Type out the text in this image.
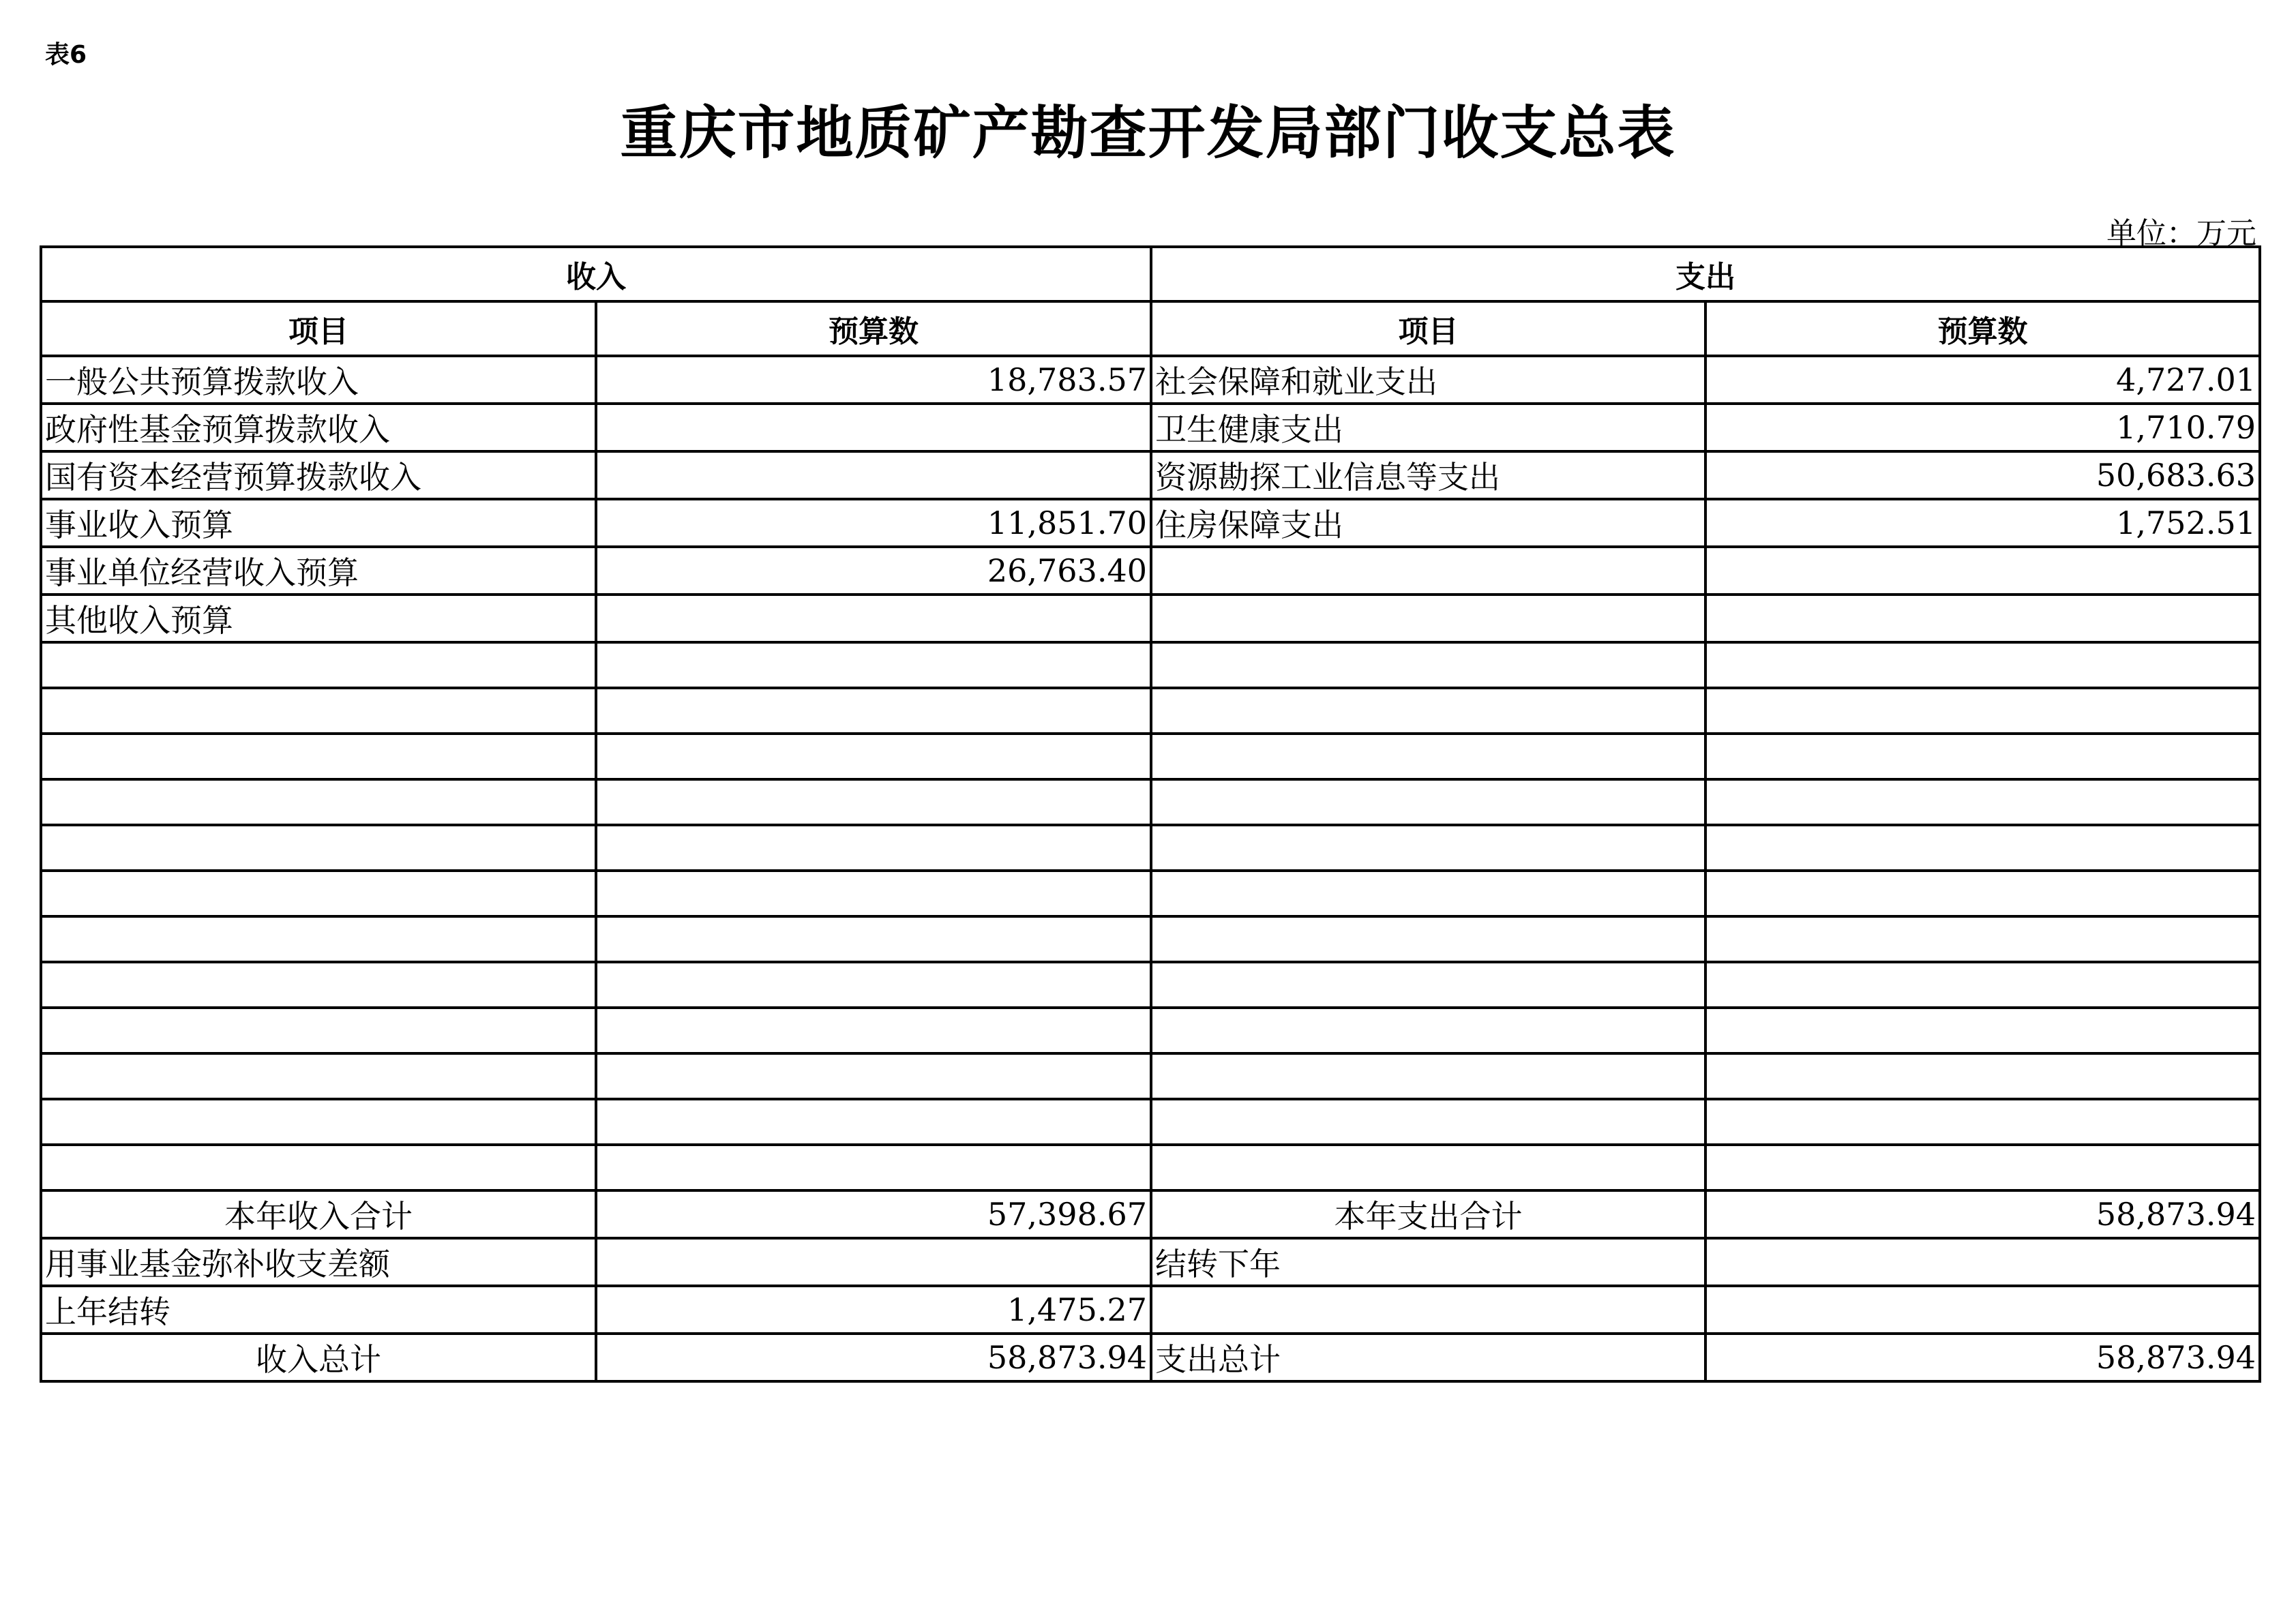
表6
重庆市地质矿产勘查开发局部门收支总表
单位：万元
收入		支出	
项目	预算数	项目	预算数
一般公共预算拨款收入	18,783.57	社会保障和就业支出	4,727.01
政府性基金预算拨款收入		卫生健康支出	1,710.79
国有资本经营预算拨款收入		资源勘探工业信息等支出	50,683.63
事业收入预算	11,851.70	住房保障支出	1,752.51
事业单位经营收入预算	26,763.40		
其他收入预算			

本年收入合计	57,398.67	本年支出合计	58,873.94
用事业基金弥补收支差额		结转下年	
上年结转	1,475.27		
收入总计	58,873.94	支出总计	58,873.94
